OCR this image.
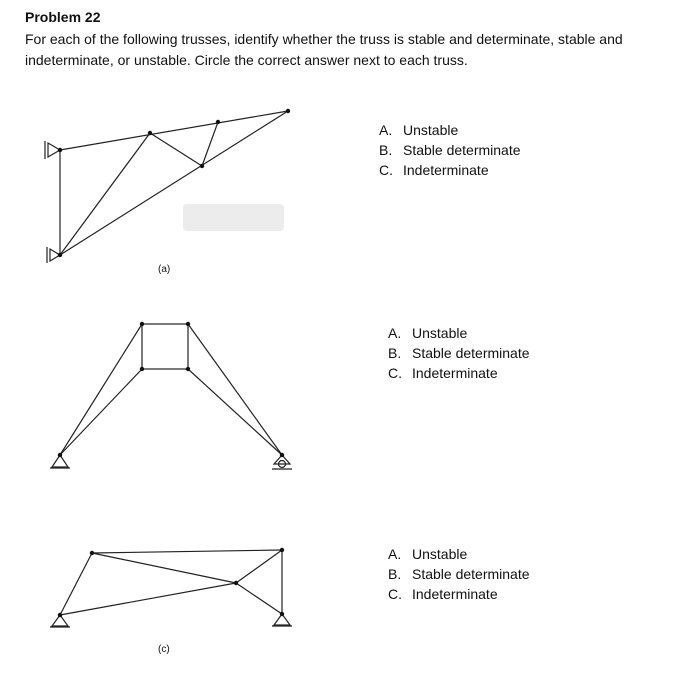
Problem 22
For each of the following trusses, identify whether the truss is stable and determinate, stable and indeterminate, or unstable. Circle the correct answer next to each truss.
(a)
(c)
A. Unstable
B. Stable determinate
C. Indeterminate
A. Unstable
B. Stable determinate
C. Indeterminate
A. Unstable
B. Stable determinate
C. Indeterminate
